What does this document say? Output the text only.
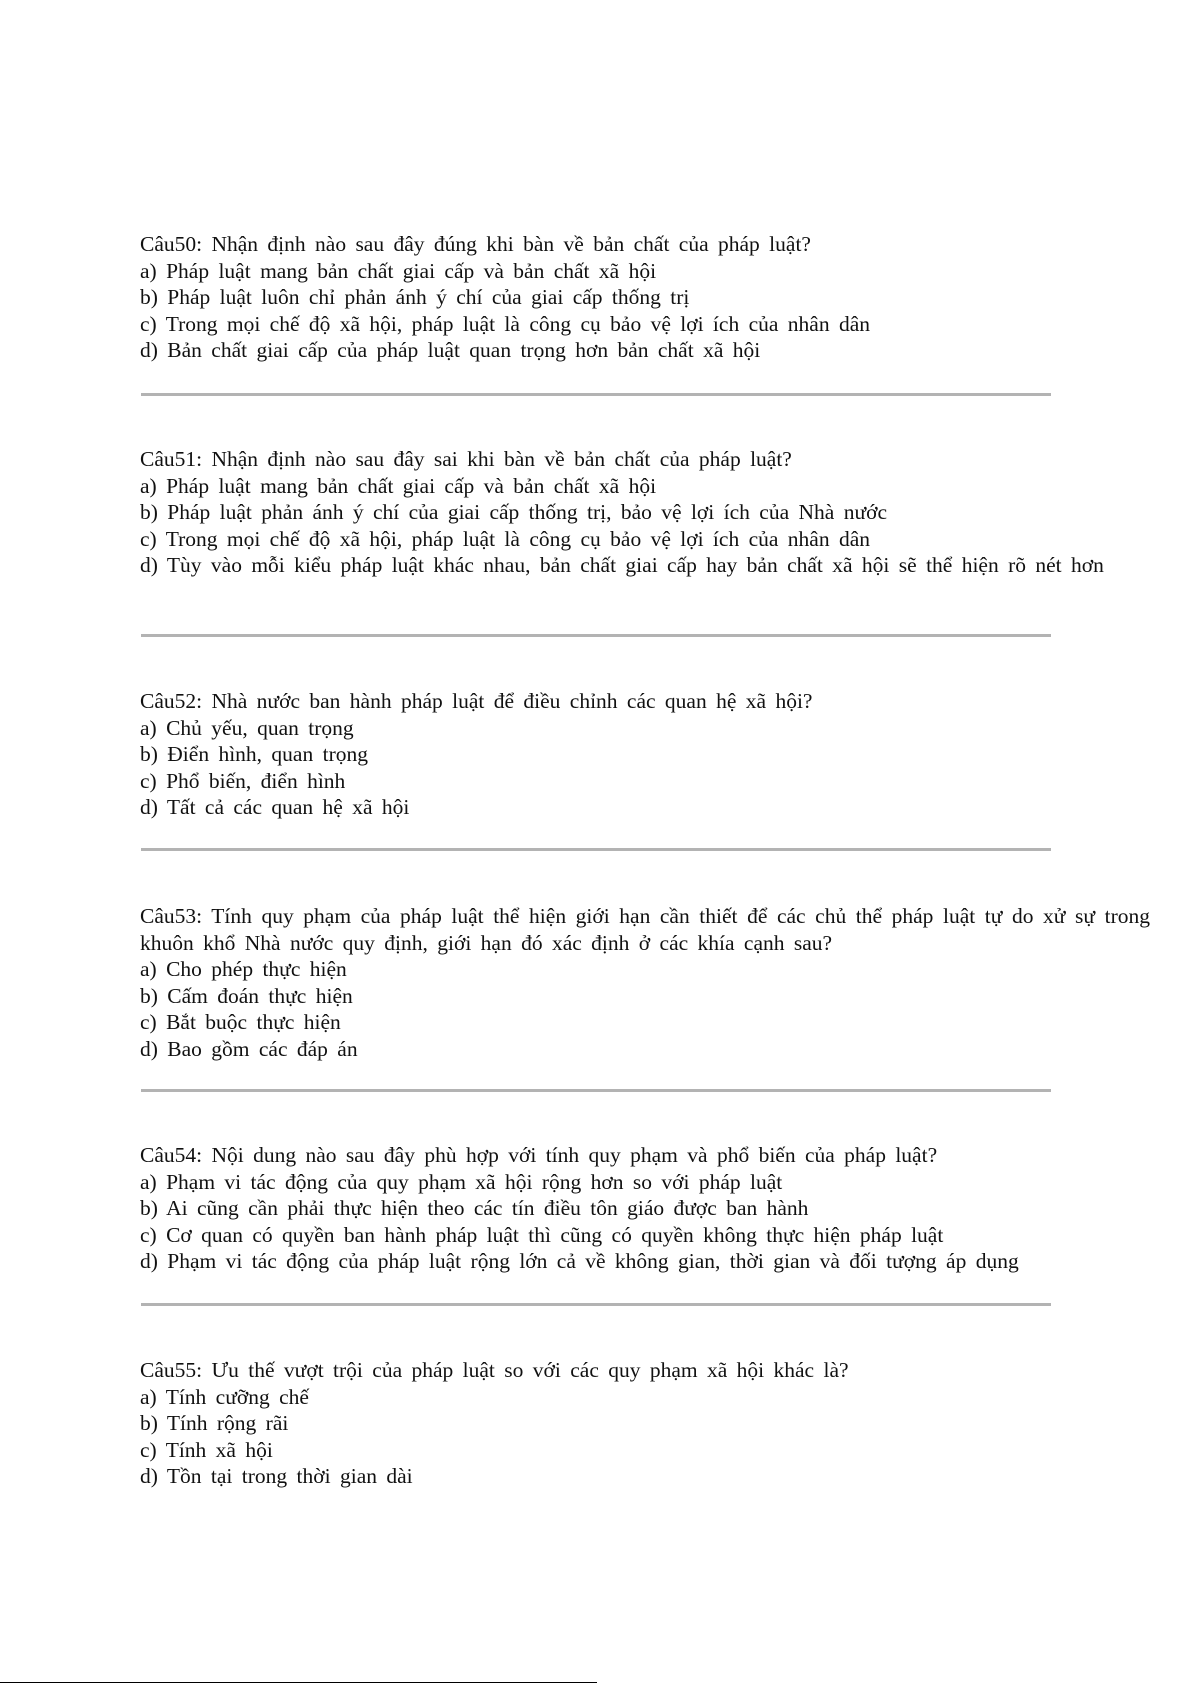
Câu50: Nhận định nào sau đây đúng khi bàn về bản chất của pháp luật?

a) Pháp luật mang bản chất giai cấp và bản chất xã hội

b) Pháp luật luôn chỉ phản ánh ý chí của giai cấp thống trị

c) Trong mọi chế độ xã hội, pháp luật là công cụ bảo vệ lợi ích của nhân dân

d) Bản chất giai cấp của pháp luật quan trọng hơn bản chất xã hội

Câu51: Nhận định nào sau đây sai khi bàn về bản chất của pháp luật?

a) Pháp luật mang bản chất giai cấp và bản chất xã hội

b) Pháp luật phản ánh ý chí của giai cấp thống trị, bảo vệ lợi ích của Nhà nước

c) Trong mọi chế độ xã hội, pháp luật là công cụ bảo vệ lợi ích của nhân dân

d) Tùy vào mỗi kiểu pháp luật khác nhau, bản chất giai cấp hay bản chất xã hội sẽ thể hiện rõ nét hơn

Câu52: Nhà nước ban hành pháp luật để điều chỉnh các quan hệ xã hội?

a) Chủ yếu, quan trọng

b) Điển hình, quan trọng

c) Phổ biến, điển hình

d) Tất cả các quan hệ xã hội

Câu53: Tính quy phạm của pháp luật thể hiện giới hạn cần thiết để các chủ thể pháp luật tự do xử sự trong khuôn khổ Nhà nước quy định, giới hạn đó xác định ở các khía cạnh sau?

a) Cho phép thực hiện

b) Cấm đoán thực hiện

c) Bắt buộc thực hiện

d) Bao gồm các đáp án

Câu54: Nội dung nào sau đây phù hợp với tính quy phạm và phổ biến của pháp luật?

a) Phạm vi tác động của quy phạm xã hội rộng hơn so với pháp luật

b) Ai cũng cần phải thực hiện theo các tín điều tôn giáo được ban hành

c) Cơ quan có quyền ban hành pháp luật thì cũng có quyền không thực hiện pháp luật

d) Phạm vi tác động của pháp luật rộng lớn cả về không gian, thời gian và đối tượng áp dụng

Câu55: Ưu thế vượt trội của pháp luật so với các quy phạm xã hội khác là?

a) Tính cưỡng chế

b) Tính rộng rãi

c) Tính xã hội

d) Tồn tại trong thời gian dài
